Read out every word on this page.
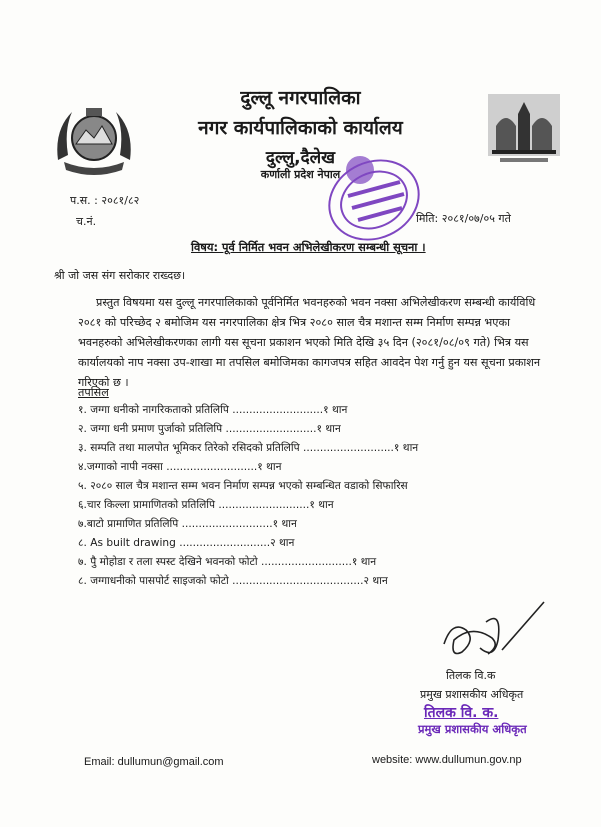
दुल्लू नगरपालिका
नगर कार्यपालिकाको कार्यालय
दुल्लु,दैलेख
कर्णाली प्रदेश नेपाल
प.स. : २०८१/८२
च.नं.	मिति: २०८१/०७/०५ गते
विषय: पूर्व निर्मित भवन अभिलेखीकरण सम्बन्धी सूचना ।
श्री जो जस संग सरोकार राख्दछ।
प्रस्तुत विषयमा यस दुल्लू नगरपालिकाको पूर्वनिर्मित भवनहरुको भवन नक्सा अभिलेखीकरण सम्बन्धी कार्यविधि
२०८१ को परिच्छेद २ बमोजिम यस नगरपालिका क्षेत्र भित्र २०८० साल चैत्र मशान्त सम्म निर्माण सम्पन्न भएका
भवनहरुको अभिलेखीकरणका लागी यस सूचना प्रकाशन भएको मिति देखि ३५ दिन (२०८१/०८/०९ गते) भित्र यस
कार्यालयको नाप नक्सा उप-शाखा मा तपसिल बमोजिमका कागजपत्र सहित आवदेन पेश गर्नु हुन यस सूचना प्रकाशन
गरिएको छ ।
तपसिल
१. जग्गा धनीको नागरिकताको प्रतिलिपि ...........................१ थान
२. जग्गा धनी प्रमाण पुर्जाको प्रतिलिपि ...........................१ थान
३. सम्पति तथा मालपोत भूमिकर तिरेको रसिदको प्रतिलिपि ...........................१ थान
४.जग्गाको नापी नक्सा ...........................१ थान
५. २०८० साल चैत्र मशान्त सम्म भवन निर्माण सम्पन्न भएको सम्बन्धित वडाको सिफारिस
६.चार किल्ला प्रामाणितको प्रतिलिपि ...........................१ थान
७.बाटो प्रामाणित प्रतिलिपि ...........................१ थान
८. As built drawing ...........................२ थान
७. पुै मोहोडा र तला स्पस्ट देखिने भवनको फोटो ...........................१ थान
८. जग्गाधनीको पासपोर्ट साइजको फोटो .......................................२ थान
तिलक वि.क
प्रमुख प्रशासकीय अधिकृत
तिलक वि. क.
प्रमुख प्रशासकीय अधिकृत
Email: dullumun@gmail.com	website: www.dullumun.gov.np
